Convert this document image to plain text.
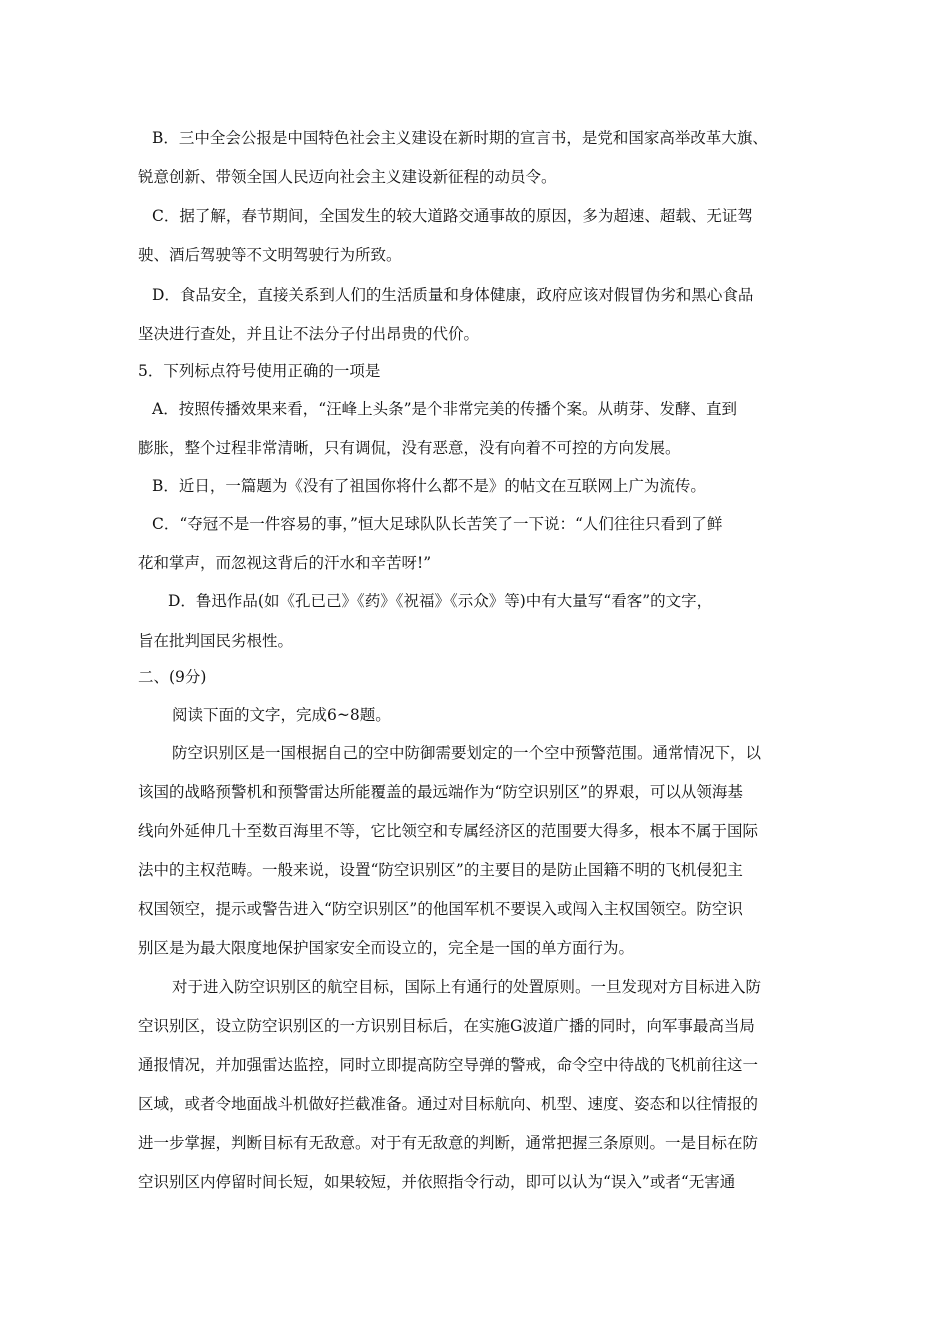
B．三中全会公报是中国特色社会主义建设在新时期的宣言书，是党和国家高举改革大旗、
锐意创新、带领全国人民迈向社会主义建设新征程的动员令。
C．据了解，春节期间，全国发生的较大道路交通事故的原因，多为超速、超载、无证驾
驶、酒后驾驶等不文明驾驶行为所致。
D．食品安全，直接关系到人们的生活质量和身体健康，政府应该对假冒伪劣和黑心食品
坚决进行查处，并且让不法分子付出昂贵的代价。
5．下列标点符号使用正确的一项是
A．按照传播效果来看，“汪峰上头条”是个非常完美的传播个案。从萌芽、发酵、直到
膨胀，整个过程非常清晰，只有调侃，没有恶意，没有向着不可控的方向发展。
B．近日，一篇题为《没有了祖国你将什么都不是》的帖文在互联网上广为流传。
C．“夺冠不是一件容易的事，”恒大足球队队长苦笑了一下说：“人们往往只看到了鲜
花和掌声，而忽视这背后的汗水和辛苦呀!”
D．鲁迅作品(如《孔已己》《药》《祝福》《示众》等)中有大量写“看客”的文字，
旨在批判国民劣根性。
二、(9分)
阅读下面的文字，完成6~8题。
防空识别区是一国根据自己的空中防御需要划定的一个空中预警范围。通常情况下，以
该国的战略预警机和预警雷达所能覆盖的最远端作为“防空识别区”的界艰，可以从领海基
线向外延伸几十至数百海里不等，它比领空和专属经济区的范围要大得多，根本不属于国际
法中的主权范畴。一般来说，设置“防空识别区”的主要目的是防止国籍不明的飞机侵犯主
权国领空，提示或警告进入“防空识别区”的他国军机不要误入或闯入主权国领空。防空识
别区是为最大限度地保护国家安全而设立的，完全是一国的单方面行为。
对于进入防空识别区的航空目标，国际上有通行的处置原则。一旦发现对方目标进入防
空识别区，设立防空识别区的一方识别目标后，在实施G波道广播的同时，向军事最高当局
通报情况，并加强雷达监控，同时立即提高防空导弹的警戒，命令空中待战的飞机前往这一
区域，或者令地面战斗机做好拦截准备。通过对目标航向、机型、速度、姿态和以往情报的
进一步掌握，判断目标有无敌意。对于有无敌意的判断，通常把握三条原则。一是目标在防
空识别区内停留时间长短，如果较短，并依照指令行动，即可以认为“误入”或者“无害通
